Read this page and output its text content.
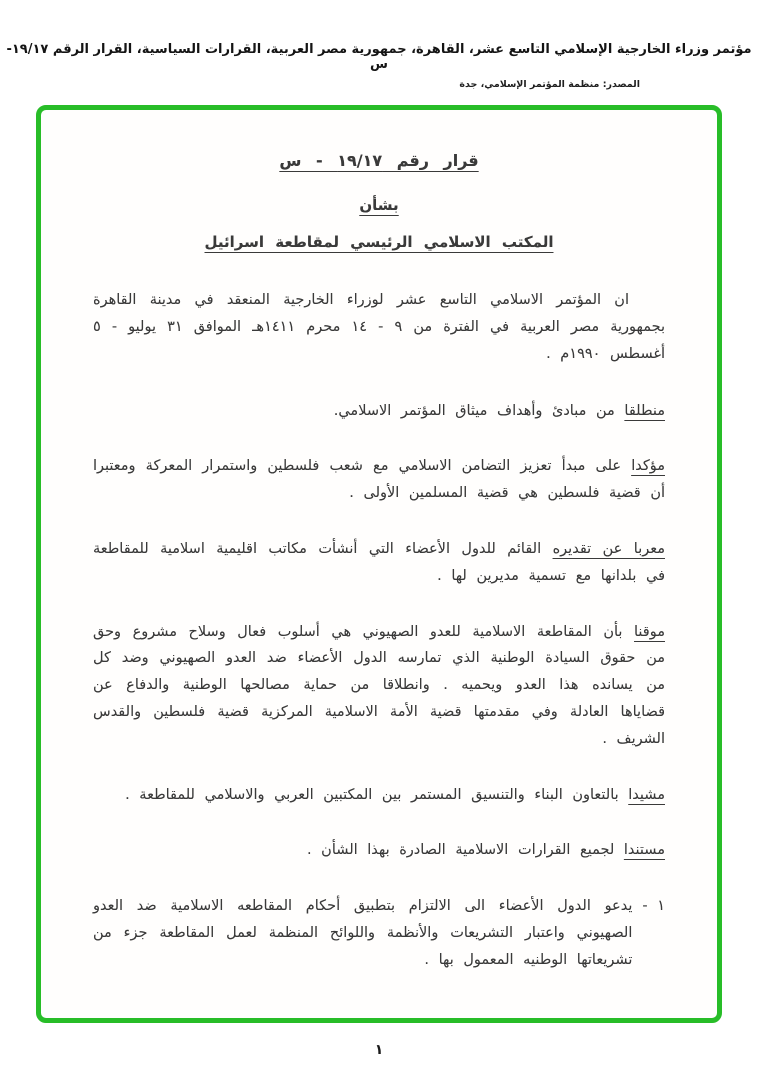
مؤتمر وزراء الخارجية الإسلامي التاسع عشر، القاهرة، جمهورية مصر العربية، القرارات السياسية، القرار الرقم ١٩/١٧-س
المصدر: منظمة المؤتمر الإسلامي، جدة
قرار رقم ١٩/١٧ - س
بشأن
المكتب الاسلامي الرئيسي لمقاطعة اسرائيل

ان المؤتمر الاسلامي التاسع عشر لوزراء الخارجية المنعقد في مدينة القاهرة بجمهورية مصر العربية في الفترة من ٩ - ١٤ محرم ١٤١١هـ الموافق ٣١ يوليو - ٥ أغسطس ١٩٩٠م .

منطلقا من مبادئ وأهداف ميثاق المؤتمر الاسلامي.

مؤكدا على مبدأ تعزيز التضامن الاسلامي مع شعب فلسطين واستمرار المعركة ومعتبرا أن قضية فلسطين هي قضية المسلمين الأولى .

معربا عن تقديره القائم للدول الأعضاء التي أنشأت مكاتب اقليمية اسلامية للمقاطعة في بلدانها مع تسمية مديرين لها .

موقنا بأن المقاطعة الاسلامية للعدو الصهيوني هي أسلوب فعال وسلاح مشروع وحق من حقوق السيادة الوطنية الذي تمارسه الدول الأعضاء ضد العدو الصهيوني وضد كل من يسانده هذا العدو ويحميه . وانطلاقا من حماية مصالحها الوطنية والدفاع عن قضاياها العادلة وفي مقدمتها قضية الأمة الاسلامية المركزية قضية فلسطين والقدس الشريف .

مشيدا بالتعاون البناء والتنسيق المستمر بين المكتبين العربي والاسلامي للمقاطعة .

مستندا لجميع القرارات الاسلامية الصادرة بهذا الشأن .

١ -
يدعو الدول الأعضاء الى الالتزام بتطبيق أحكام المقاطعه الاسلامية ضد العدو الصهيوني واعتبار التشريعات والأنظمة واللوائح المنظمة لعمل المقاطعة جزء من تشريعاتها الوطنيه المعمول بها .
١
